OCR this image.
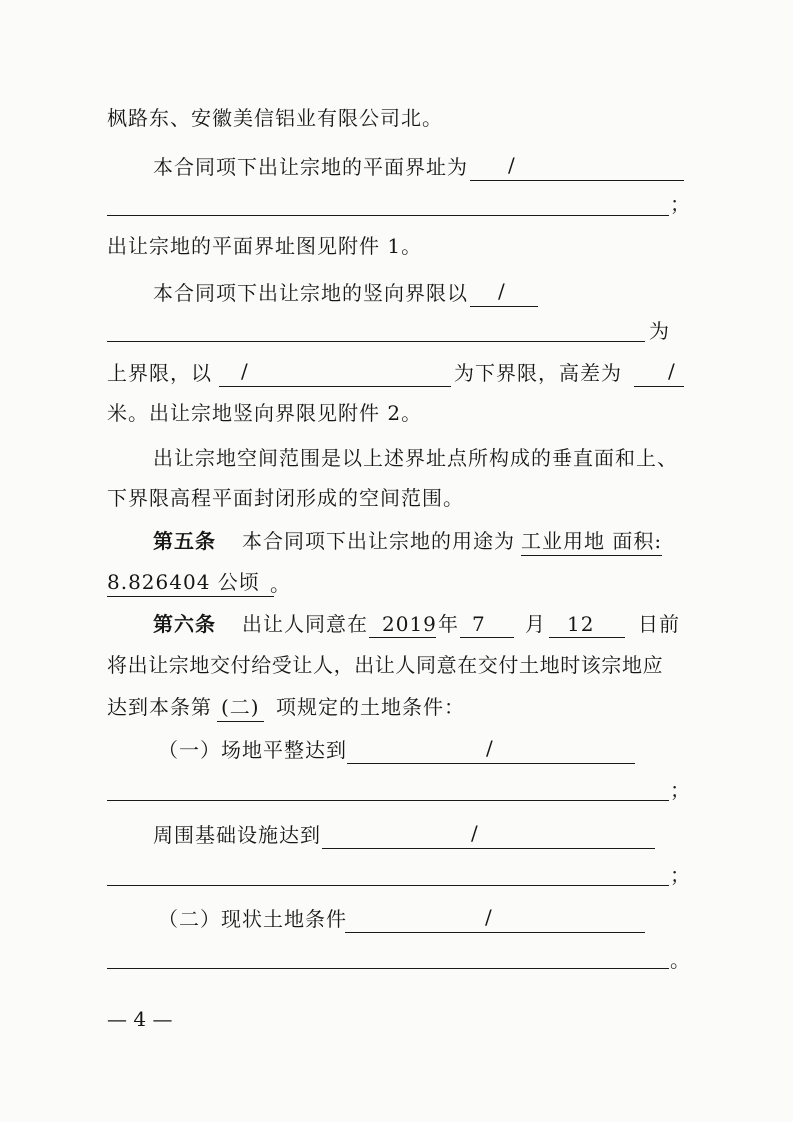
枫路东、安徽美信铝业有限公司北。
本合同项下出让宗地的平面界址为 /
；
出让宗地的平面界址图见附件 1。
本合同项下出让宗地的竖向界限以 /
为
上界限，以 /	为下界限，高差为 /
米。出让宗地竖向界限见附件 2。
出让宗地空间范围是以上述界址点所构成的垂直面和上、
下界限高程平面封闭形成的空间范围。
第五条 本合同项下出让宗地的用途为 工业用地 面积:
8.826404 公顷 。
第六条 出让人同意在 2019 年 7 月 12 日前
将出让宗地交付给受让人，出让人同意在交付土地时该宗地应
达到本条第 (二) 项规定的土地条件：
（一）场地平整达到	/
；
周围基础设施达到	/
；
（二）现状土地条件	/
。
— 4 —
